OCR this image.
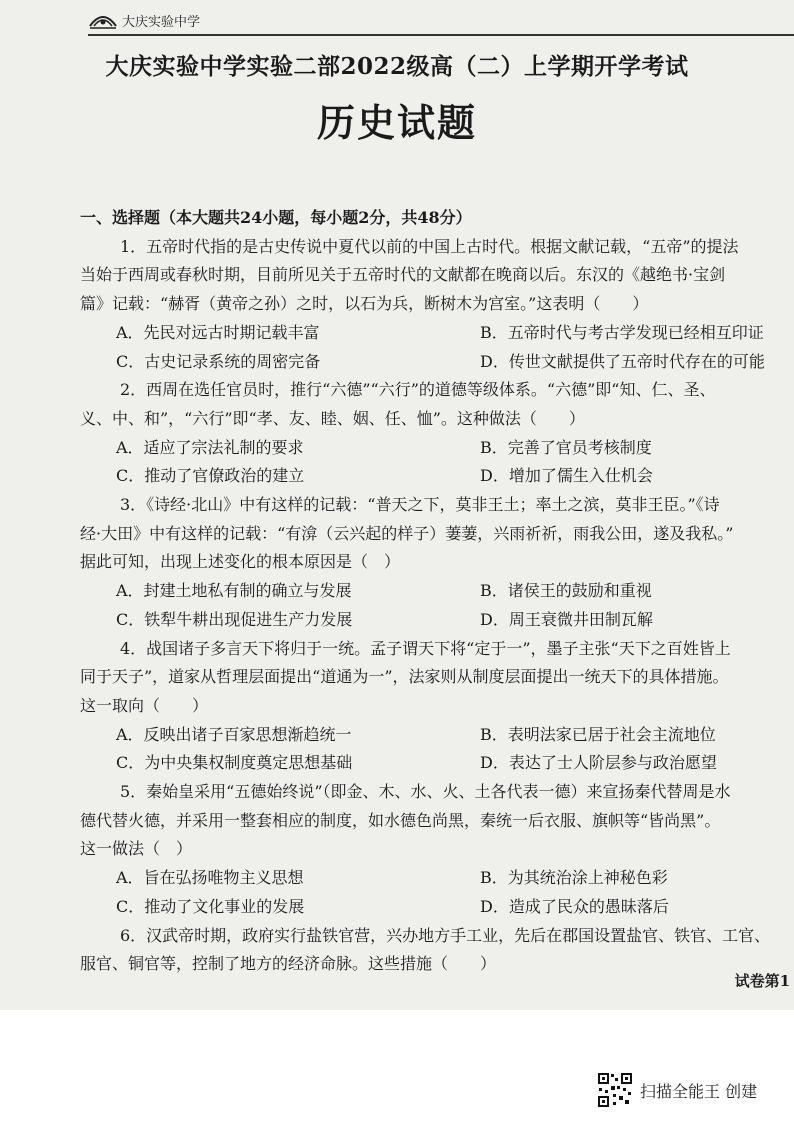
大庆实验中学
大庆实验中学实验二部2022级高（二）上学期开学考试
历史试题
一、选择题（本大题共24小题，每小题2分，共48分）
1．五帝时代指的是古史传说中夏代以前的中国上古时代。根据文献记载，“五帝”的提法
当始于西周或春秋时期，目前所见关于五帝时代的文献都在晚商以后。东汉的《越绝书·宝剑
篇》记载：“赫胥（黄帝之孙）之时，以石为兵，断树木为宫室。”这表明（　　）
A．先民对远古时期记载丰富	B．五帝时代与考古学发现已经相互印证
C．古史记录系统的周密完备	D．传世文献提供了五帝时代存在的可能
2．西周在选任官员时，推行“六德”“六行”的道德等级体系。“六德”即“知、仁、圣、
义、中、和”，“六行”即“孝、友、睦、姻、任、恤”。这种做法（　　）
A．适应了宗法礼制的要求	B．完善了官员考核制度
C．推动了官僚政治的建立	D．增加了儒生入仕机会
3．《诗经·北山》中有这样的记载：“普天之下，莫非王土；率土之滨，莫非王臣。”《诗
经·大田》中有这样的记载：“有渰（云兴起的样子）萋萋，兴雨祈祈，雨我公田，遂及我私。”
据此可知，出现上述变化的根本原因是（　）
A．封建土地私有制的确立与发展	B．诸侯王的鼓励和重视
C．铁犁牛耕出现促进生产力发展	D．周王衰微井田制瓦解
4．战国诸子多言天下将归于一统。孟子谓天下将“定于一”，墨子主张“天下之百姓皆上
同于天子”，道家从哲理层面提出“道通为一”，法家则从制度层面提出一统天下的具体措施。
这一取向（　　）
A．反映出诸子百家思想渐趋统一	B．表明法家已居于社会主流地位
C．为中央集权制度奠定思想基础	D．表达了士人阶层参与政治愿望
5．秦始皇采用“五德始终说”（即金、木、水、火、土各代表一德）来宣扬秦代替周是水
德代替火德，并采用一整套相应的制度，如水德色尚黑，秦统一后衣服、旗帜等“皆尚黑”。
这一做法（　）
A．旨在弘扬唯物主义思想	B．为其统治涂上神秘色彩
C．推动了文化事业的发展	D．造成了民众的愚昧落后
6．汉武帝时期，政府实行盐铁官营，兴办地方手工业，先后在郡国设置盐官、铁官、工官、
服官、铜官等，控制了地方的经济命脉。这些措施（　　）
试卷第1
扫描全能王 创建
